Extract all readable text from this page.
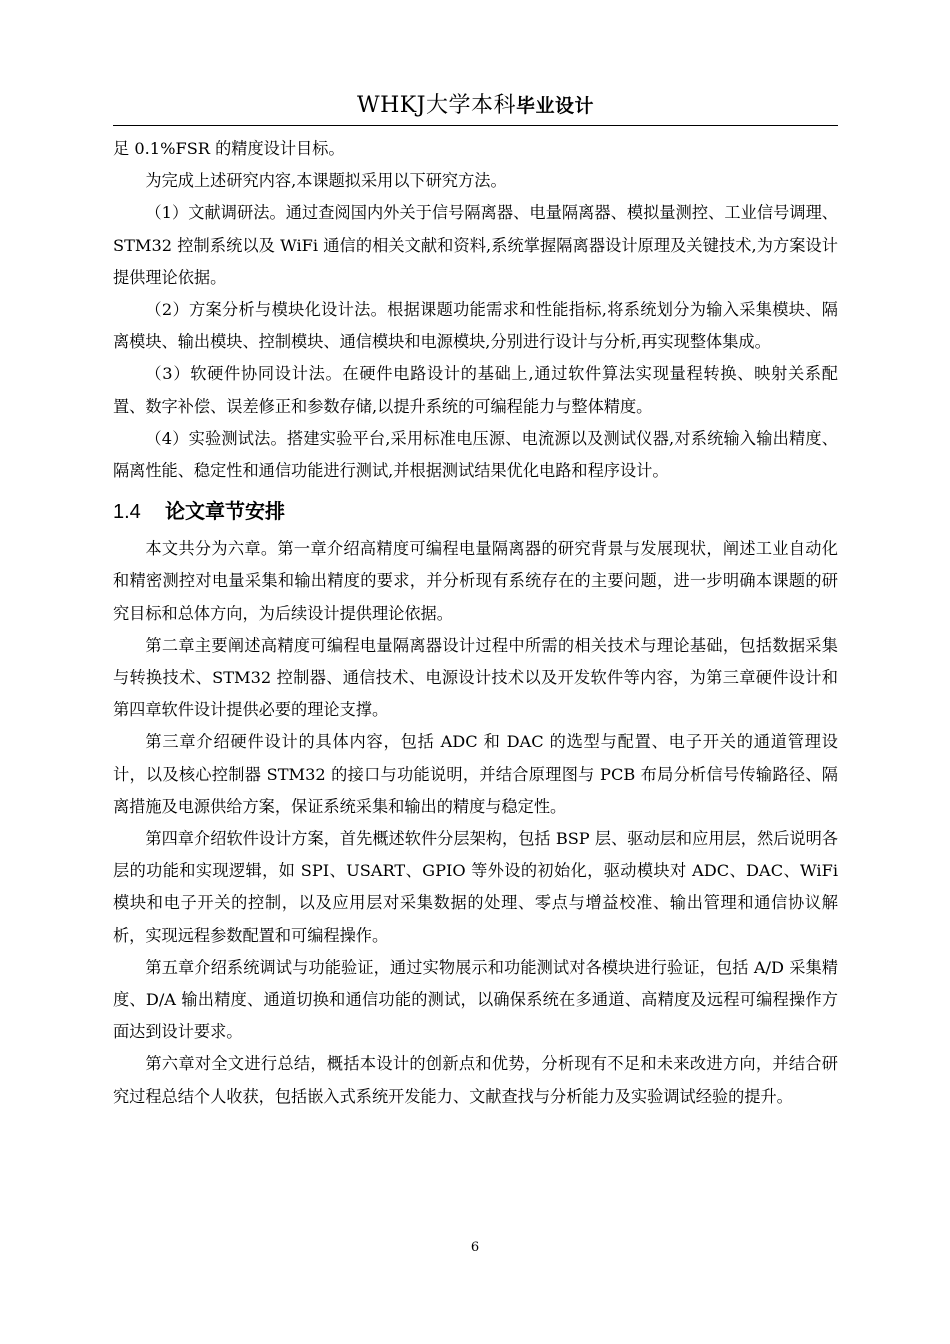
WHKJ大学本科毕业设计

足 0.1%FSR 的精度设计目标。

为完成上述研究内容,本课题拟采用以下研究方法。

（1）文献调研法。通过查阅国内外关于信号隔离器、电量隔离器、模拟量测控、工业信号调理、STM32 控制系统以及 WiFi 通信的相关文献和资料,系统掌握隔离器设计原理及关键技术,为方案设计提供理论依据。

（2）方案分析与模块化设计法。根据课题功能需求和性能指标,将系统划分为输入采集模块、隔离模块、输出模块、控制模块、通信模块和电源模块,分别进行设计与分析,再实现整体集成。

（3）软硬件协同设计法。在硬件电路设计的基础上,通过软件算法实现量程转换、映射关系配置、数字补偿、误差修正和参数存储,以提升系统的可编程能力与整体精度。

（4）实验测试法。搭建实验平台,采用标准电压源、电流源以及测试仪器,对系统输入输出精度、隔离性能、稳定性和通信功能进行测试,并根据测试结果优化电路和程序设计。

1.4 论文章节安排

本文共分为六章。第一章介绍高精度可编程电量隔离器的研究背景与发展现状，阐述工业自动化和精密测控对电量采集和输出精度的要求，并分析现有系统存在的主要问题，进一步明确本课题的研究目标和总体方向，为后续设计提供理论依据。

第二章主要阐述高精度可编程电量隔离器设计过程中所需的相关技术与理论基础，包括数据采集与转换技术、STM32 控制器、通信技术、电源设计技术以及开发软件等内容，为第三章硬件设计和第四章软件设计提供必要的理论支撑。

第三章介绍硬件设计的具体内容，包括 ADC 和 DAC 的选型与配置、电子开关的通道管理设计，以及核心控制器 STM32 的接口与功能说明，并结合原理图与 PCB 布局分析信号传输路径、隔离措施及电源供给方案，保证系统采集和输出的精度与稳定性。

第四章介绍软件设计方案，首先概述软件分层架构，包括 BSP 层、驱动层和应用层，然后说明各层的功能和实现逻辑，如 SPI、USART、GPIO 等外设的初始化，驱动模块对 ADC、DAC、WiFi 模块和电子开关的控制，以及应用层对采集数据的处理、零点与增益校准、输出管理和通信协议解析，实现远程参数配置和可编程操作。

第五章介绍系统调试与功能验证，通过实物展示和功能测试对各模块进行验证，包括 A/D 采集精度、D/A 输出精度、通道切换和通信功能的测试，以确保系统在多通道、高精度及远程可编程操作方面达到设计要求。

第六章对全文进行总结，概括本设计的创新点和优势，分析现有不足和未来改进方向，并结合研究过程总结个人收获，包括嵌入式系统开发能力、文献查找与分析能力及实验调试经验的提升。

6
